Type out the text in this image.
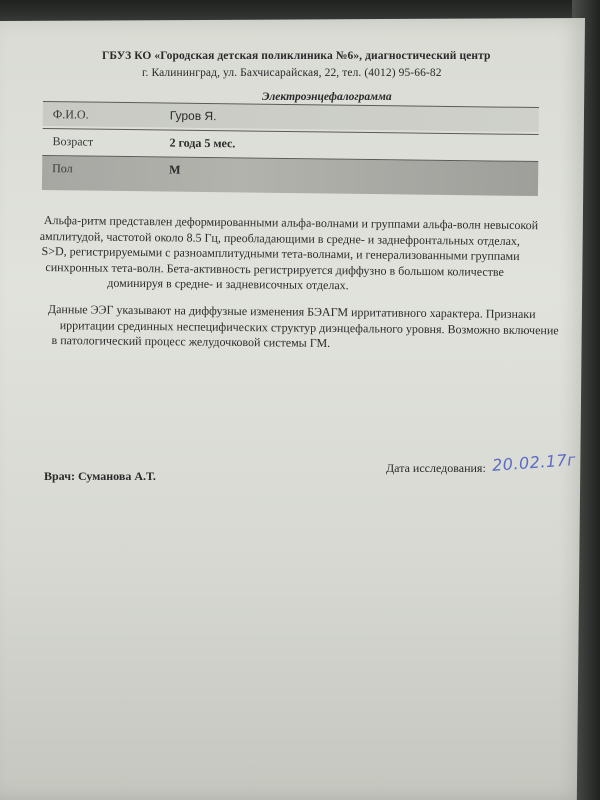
ГБУЗ КО «Городская детская поликлиника №6», диагностический центр
г. Калининград, ул. Бахчисарайская, 22, тел. (4012) 95-66-82
Электроэнцефалограмма
Ф.И.О.	Гуров Я.
Возраст	2 года 5 мес.
Пол	М
Альфа-ритм представлен деформированными альфа-волнами и группами альфа-волн невысокой
амплитудой, частотой около 8.5 Гц, преобладающими в средне- и заднефронтальных отделах,
S>D, регистрируемыми с разноамплитудными тета-волнами, и генерализованными группами
синхронных тета-волн. Бета-активность регистрируется диффузно в большом количестве
доминируя в средне- и задневисочных отделах.
Данные ЭЭГ указывают на диффузные изменения БЭАГМ ирритативного характера. Признаки
ирритации срединных неспецифических структур диэнцефального уровня. Возможно включение
в патологический процесс желудочковой системы ГМ.
Врач: Суманова А.Т.
Дата исследования: 20.02.17г
